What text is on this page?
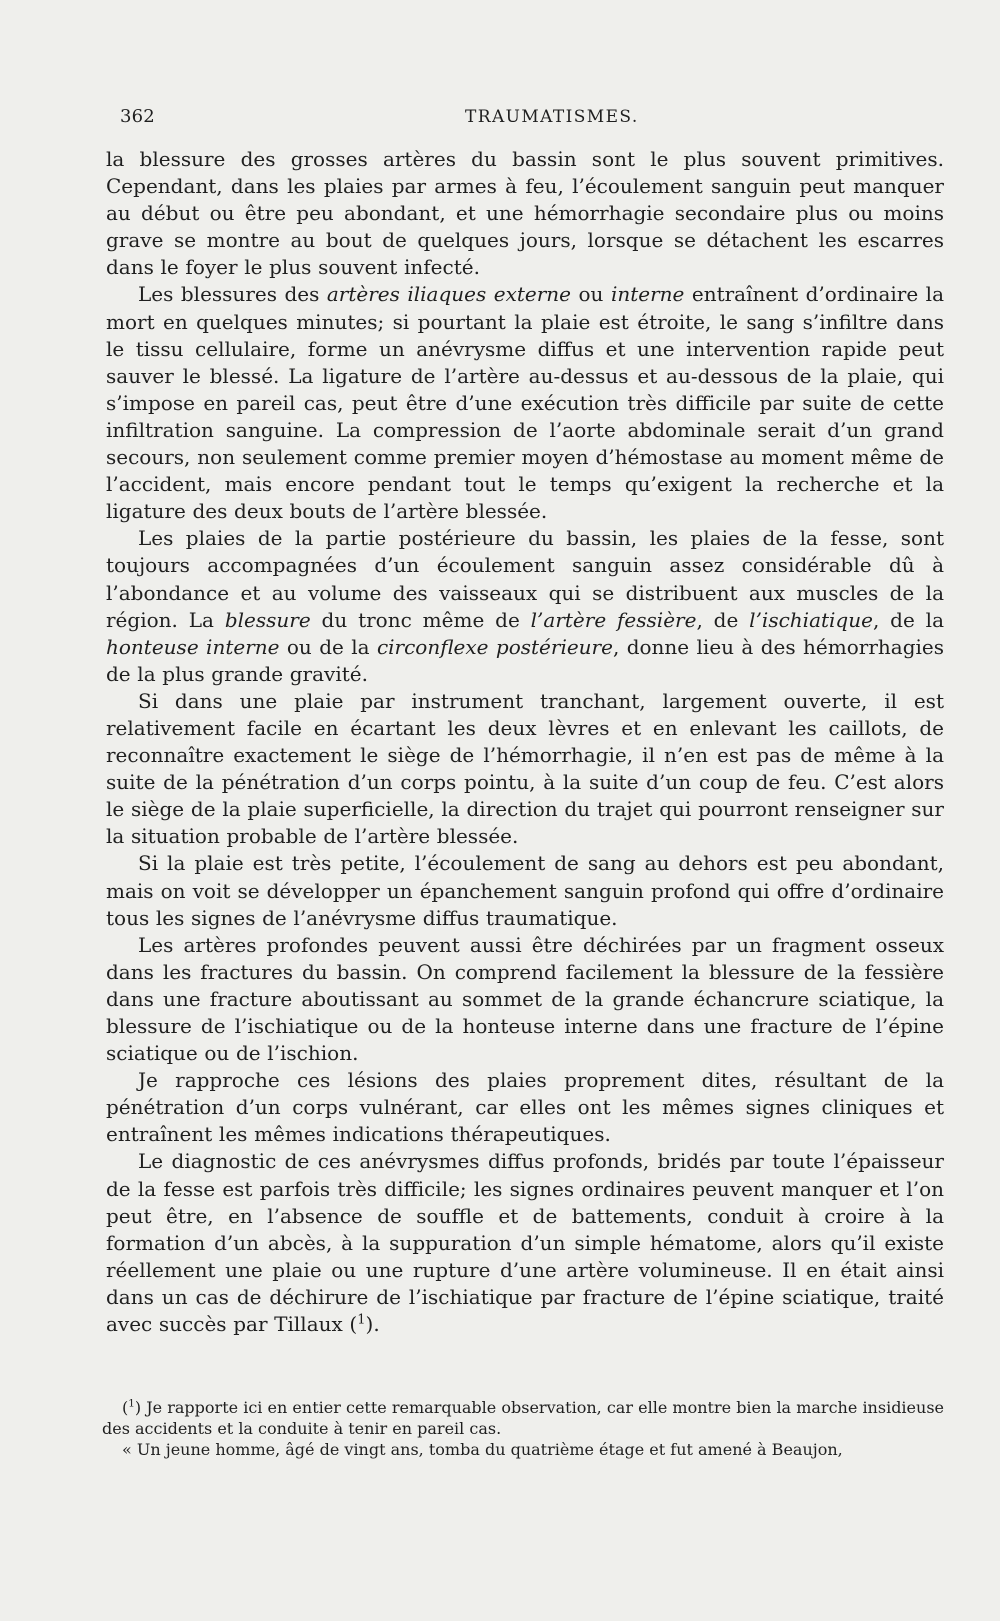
362	TRAUMATISMES.

la blessure des grosses artères du bassin sont le plus souvent primitives. Cependant, dans les plaies par armes à feu, l’écoulement sanguin peut manquer au début ou être peu abondant, et une hémorrhagie secondaire plus ou moins grave se montre au bout de quelques jours, lorsque se détachent les escarres dans le foyer le plus souvent infecté.

Les blessures des artères iliaques externe ou interne entraînent d’ordinaire la mort en quelques minutes; si pourtant la plaie est étroite, le sang s’infiltre dans le tissu cellulaire, forme un anévrysme diffus et une intervention rapide peut sauver le blessé. La ligature de l’artère au-dessus et au-dessous de la plaie, qui s’impose en pareil cas, peut être d’une exécution très difficile par suite de cette infiltration sanguine. La compression de l’aorte abdominale serait d’un grand secours, non seulement comme premier moyen d’hémostase au moment même de l’accident, mais encore pendant tout le temps qu’exigent la recherche et la ligature des deux bouts de l’artère blessée.

Les plaies de la partie postérieure du bassin, les plaies de la fesse, sont toujours accompagnées d’un écoulement sanguin assez considérable dû à l’abondance et au volume des vaisseaux qui se distribuent aux muscles de la région. La blessure du tronc même de l’artère fessière, de l’ischiatique, de la honteuse interne ou de la circonflexe postérieure, donne lieu à des hémorrhagies de la plus grande gravité.

Si dans une plaie par instrument tranchant, largement ouverte, il est relativement facile en écartant les deux lèvres et en enlevant les caillots, de reconnaître exactement le siège de l’hémorrhagie, il n’en est pas de même à la suite de la pénétration d’un corps pointu, à la suite d’un coup de feu. C’est alors le siège de la plaie superficielle, la direction du trajet qui pourront renseigner sur la situation probable de l’artère blessée.

Si la plaie est très petite, l’écoulement de sang au dehors est peu abondant, mais on voit se développer un épanchement sanguin profond qui offre d’ordinaire tous les signes de l’anévrysme diffus traumatique.

Les artères profondes peuvent aussi être déchirées par un fragment osseux dans les fractures du bassin. On comprend facilement la blessure de la fessière dans une fracture aboutissant au sommet de la grande échancrure sciatique, la blessure de l’ischiatique ou de la honteuse interne dans une fracture de l’épine sciatique ou de l’ischion.

Je rapproche ces lésions des plaies proprement dites, résultant de la pénétration d’un corps vulnérant, car elles ont les mêmes signes cliniques et entraînent les mêmes indications thérapeutiques.

Le diagnostic de ces anévrysmes diffus profonds, bridés par toute l’épaisseur de la fesse est parfois très difficile; les signes ordinaires peuvent manquer et l’on peut être, en l’absence de souffle et de battements, conduit à croire à la formation d’un abcès, à la suppuration d’un simple hématome, alors qu’il existe réellement une plaie ou une rupture d’une artère volumineuse. Il en était ainsi dans un cas de déchirure de l’ischiatique par fracture de l’épine sciatique, traité avec succès par Tillaux ($^1$).

($^1$) Je rapporte ici en entier cette remarquable observation, car elle montre bien la marche insidieuse des accidents et la conduite à tenir en pareil cas.

« Un jeune homme, âgé de vingt ans, tomba du quatrième étage et fut amené à Beaujon,
